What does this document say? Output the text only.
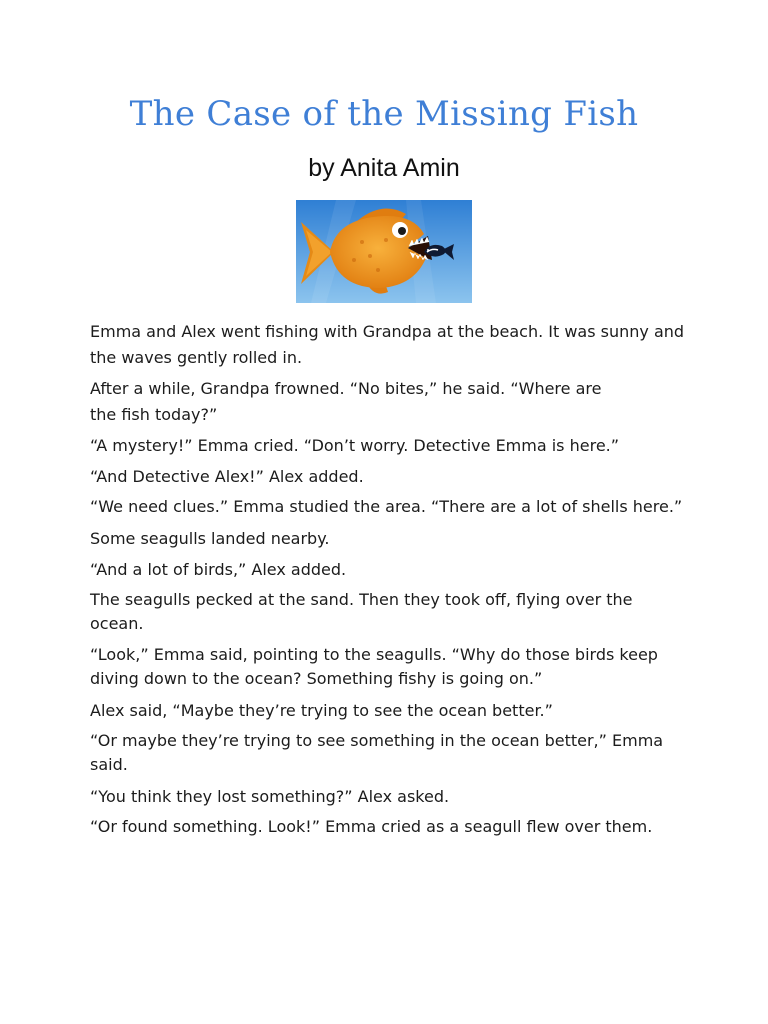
The Case of the Missing Fish
by Anita Amin

Emma and Alex went fishing with Grandpa at the beach. It was sunny and the waves gently rolled in.

After a while, Grandpa frowned. “No bites,” he said. “Where are the fish today?”

“A mystery!” Emma cried. “Don’t worry. Detective Emma is here.”

“And Detective Alex!” Alex added.

“We need clues.” Emma studied the area. “There are a lot of shells here.”

Some seagulls landed nearby.

“And a lot of birds,” Alex added.

The seagulls pecked at the sand. Then they took off, flying over the ocean.

“Look,” Emma said, pointing to the seagulls. “Why do those birds keep diving down to the ocean? Something fishy is going on.”

Alex said, “Maybe they’re trying to see the ocean better.”

“Or maybe they’re trying to see something in the ocean better,” Emma said.

“You think they lost something?” Alex asked.

“Or found something. Look!” Emma cried as a seagull flew over them.
